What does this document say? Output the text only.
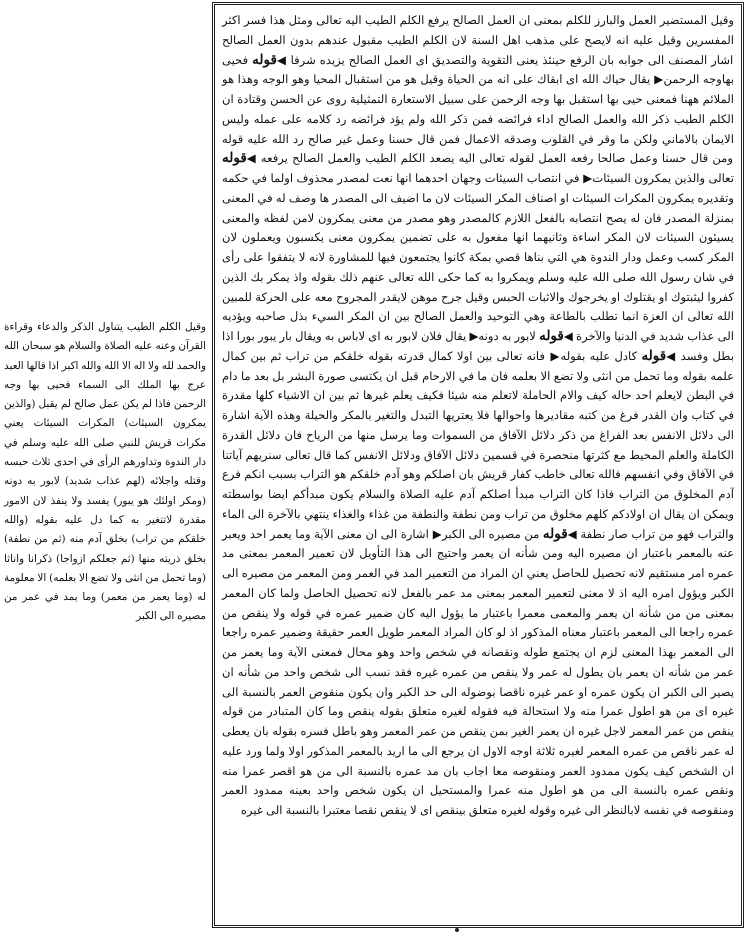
وقيل المستضير العمل والبارز للكلم بمعنى ان العمل الصالح يرفع الكلم الطيب اليه تعالى ومثل هذا فسر اكثر المفسرين وقيل عليه انه لايصح على مذهب اهل السنة لان الكلم الطيب مقبول عندهم بدون العمل الصالح اشار المصنف الى جوابه بان الرفع حينئذ يعنى التقوية والتصديق اى العمل الصالح يزيده شرفا ◀قوله فحيى بهاوجه الرحمن▶ يقال حياك الله اى ابقاك على انه من الحياة وقيل هو من استقبال المحيا وهو الوجه وهذا هو الملائم ههنا فمعنى حيى بها استقبل بها وجه الرحمن على سبيل الاستعارة التمثيلية روى عن الحسن وقتادة ان الكلم الطيب ذكر الله والعمل الصالح اداء فرائضه فمن ذكر الله ولم يؤد فرائضه رد كلامه على عمله وليس الايمان بالاماني ولكن ما وقر في القلوب وصدقه الاعمال فمن قال حسنا وعمل غير صالح رد الله عليه قوله ومن قال حسنا وعمل صالحا رفعه العمل لقوله تعالى اليه يصعد الكلم الطيب والعمل الصالح يرفعه ◀قوله تعالى والذين يمكرون السيئات▶ في انتصاب السيئات وجهان احدهما انها نعت لمصدر محذوف اولما في حكمه وتقديره يمكرون المكرات السيئات او اصناف المكر السيئات لان ما اضيف الى المصدر ها وصف له في المعنى بمنزلة المصدر فان له يصح انتصابه بالفعل اللازم كالمصدر وهو مصدر من معنى يمكرون لامن لفظه والمعنى يسيئون السيئات لان المكر اساءة وثانيهما انها مفعول به على تضمين يمكرون معنى يكسبون ويعملون لان المكر كسب وعمل ودار الندوة هي التي بناها قصي بمكة كانوا يجتمعون فيها للمشاورة لانه لا يتفقوا على رأى في شان رسول الله صلى الله عليه وسلم ويمكروا به كما حكى الله تعالى عنهم ذلك بقوله واذ يمكر بك الذين كفروا ليثبتوك او يقتلوك او يخرجوك والاثبات الحبس وقيل جرح موهن لايقدر المجروح معه على الحركة للمبين الله تعالى ان العزة انما تطلب بالطاعة وهي التوحيد والعمل الصالح بين ان المكر السيء بذل صاحبه ويؤديه الى عذاب شديد في الدنيا والآخرة ◀قوله لابور به دونه▶ يقال فلان لابور به اى لاباس به ويقال بار يبور بورا اذا بطل وفسد ◀قوله كادل عليه بقوله▶ فانه تعالى بين اولا كمال قدرته بقوله خلقكم من تراب ثم بين كمال علمه بقوله وما تحمل من انثى ولا تضع الا بعلمه فان ما في الارحام قبل ان يكتسى صورة البشر بل بعد ما دام في البطن لايعلم احد حاله كيف والام الحاملة لاتعلم منه شيئا فكيف يعلم غيرها ثم بين ان الاشياء كلها مقدرة في كتاب وان القدر فرغ من كتبه مقاديرها واحوالها فلا يعتريها التبدل والتغير بالمكر والحيلة وهذه الآية اشارة الى دلائل الانفس بعد الفراغ من ذكر دلائل الآفاق من السموات وما يرسل منها من الرياح فان دلائل القدرة الكاملة والعلم المحيط مع كثرتها منحصرة في قسمين دلائل الآفاق ودلائل الانفس كما قال تعالى سنريهم آياتنا في الآفاق وفي انفسهم فالله تعالى خاطب كفار قريش بان اصلكم وهو آدم خلقكم هو التراب بسبب انكم فرع آدم المخلوق من التراب فاذا كان التراب مبدأ اصلكم آدم عليه الصلاة والسلام يكون مبدأكم ايضا بواسطته ويمكن ان يقال ان اولادكم كلهم مخلوق من تراب ومن نطفة والنطفة من غذاء والغذاء ينتهي بالآخرة الى الماء والتراب فهو من تراب صار نطفة ◀قوله من مصيره الى الكبر▶ اشارة الى ان معنى الآية وما يعمر احد ويعبر عنه بالمعمر باعتبار ان مصيره اليه ومن شأنه ان يعمر واحتيج الى هذا التأويل لان تعمير المعمر بمعنى مد عمره امر مستقيم لانه تحصيل للحاصل يعني ان المراد من التعمير المد في العمر ومن المعمر من مصيره الى الكبر ويؤول امره اليه اذ لا معنى لتعمير المعمر بمعنى مد عمر بالفعل لانه تحصيل الحاصل ولما كان المعمر بمعنى من من شأنه ان يعمر والمعمى معمرا باعتبار ما يؤول اليه كان ضمير عمره في قوله ولا ينقص من عمره راجعا الى المعمر باعتبار معناه المذكور اذ لو كان المراد المعمر طويل العمر حقيقة وضمير عمره راجعا الى المعمر بهذا المعنى لزم ان يجتمع طوله ونقصانه في شخص واحد وهو محال فمعنى الآية وما يعمر من عمر من شأنه ان يعمر بان يطول له عمر ولا ينقص من عمره غيره فقد نسب الى شخص واحد من شأنه ان يصير الى الكبر ان يكون عمره او عمر غيره ناقصا بوضوله الى حد الكبر وان يكون منقوص العمر بالنسبة الى غيره اى من هو اطول عمرا منه ولا استحالة فيه فقوله لغيره متعلق بقوله ينقص وما كان المتبادر من قوله ينقص من عمر المعمر لاجل غيره ان يعمر الغير بمن ينقص من عمر المعمر وهو باطل فسره بقوله بان يعطى له عمر ناقص من عمره المعمر لغيره ثلاثة اوجه الاول ان يرجع الى ما اريد بالمعمر المذكور اولا ولما ورد عليه ان الشخص كيف يكون ممدود العمر ومنقوصه معا اجاب بان مد عمره بالنسبة الى من هو اقصر عمرا منه ونقص عمره بالنسبة الى من هو اطول منه عمرا والمستحيل ان يكون شخص واحد بعينه ممدود العمر ومنقوصه في نفسه لابالنظر الى غيره وقوله لغيره متعلق بينقص اى لا ينقص نقصا معتبرا بالنسبة الى غيره

وقيل الكلم الطيب يتناول الذكر والدعاء وقراءة القرآن وعنه عليه الصلاة والسلام هو سبحان الله والحمد لله ولا اله الا الله والله اكبر اذا قالها العبد عرج بها الملك الى السماء فحيى بها وجه الرحمن فاذا لم يكن عمل صالح لم يقبل (والذين يمكرون السيئات) المكرات السيئات يعني مكرات قريش للنبي صلى الله عليه وسلم في دار الندوة وتداورهم الرأى في احدى ثلاث حبسه وقتله واجلائه (لهم عذاب شديد) لابور به دونه (ومكر اولئك هو يبور) يفسد ولا ينفذ لان الامور مقدرة لاتتغير به كما دل عليه بقوله (والله خلقكم من تراب) بخلق آدم منه (ثم من نطفة) بخلق ذريته منها (ثم جعلكم ازواجا) ذكرانا واناثا (وما تحمل من انثى ولا تضع الا بعلمه) الا معلومة له (وما يعمر من معمر) وما يمد في عمر من مصيره الى الكبر
